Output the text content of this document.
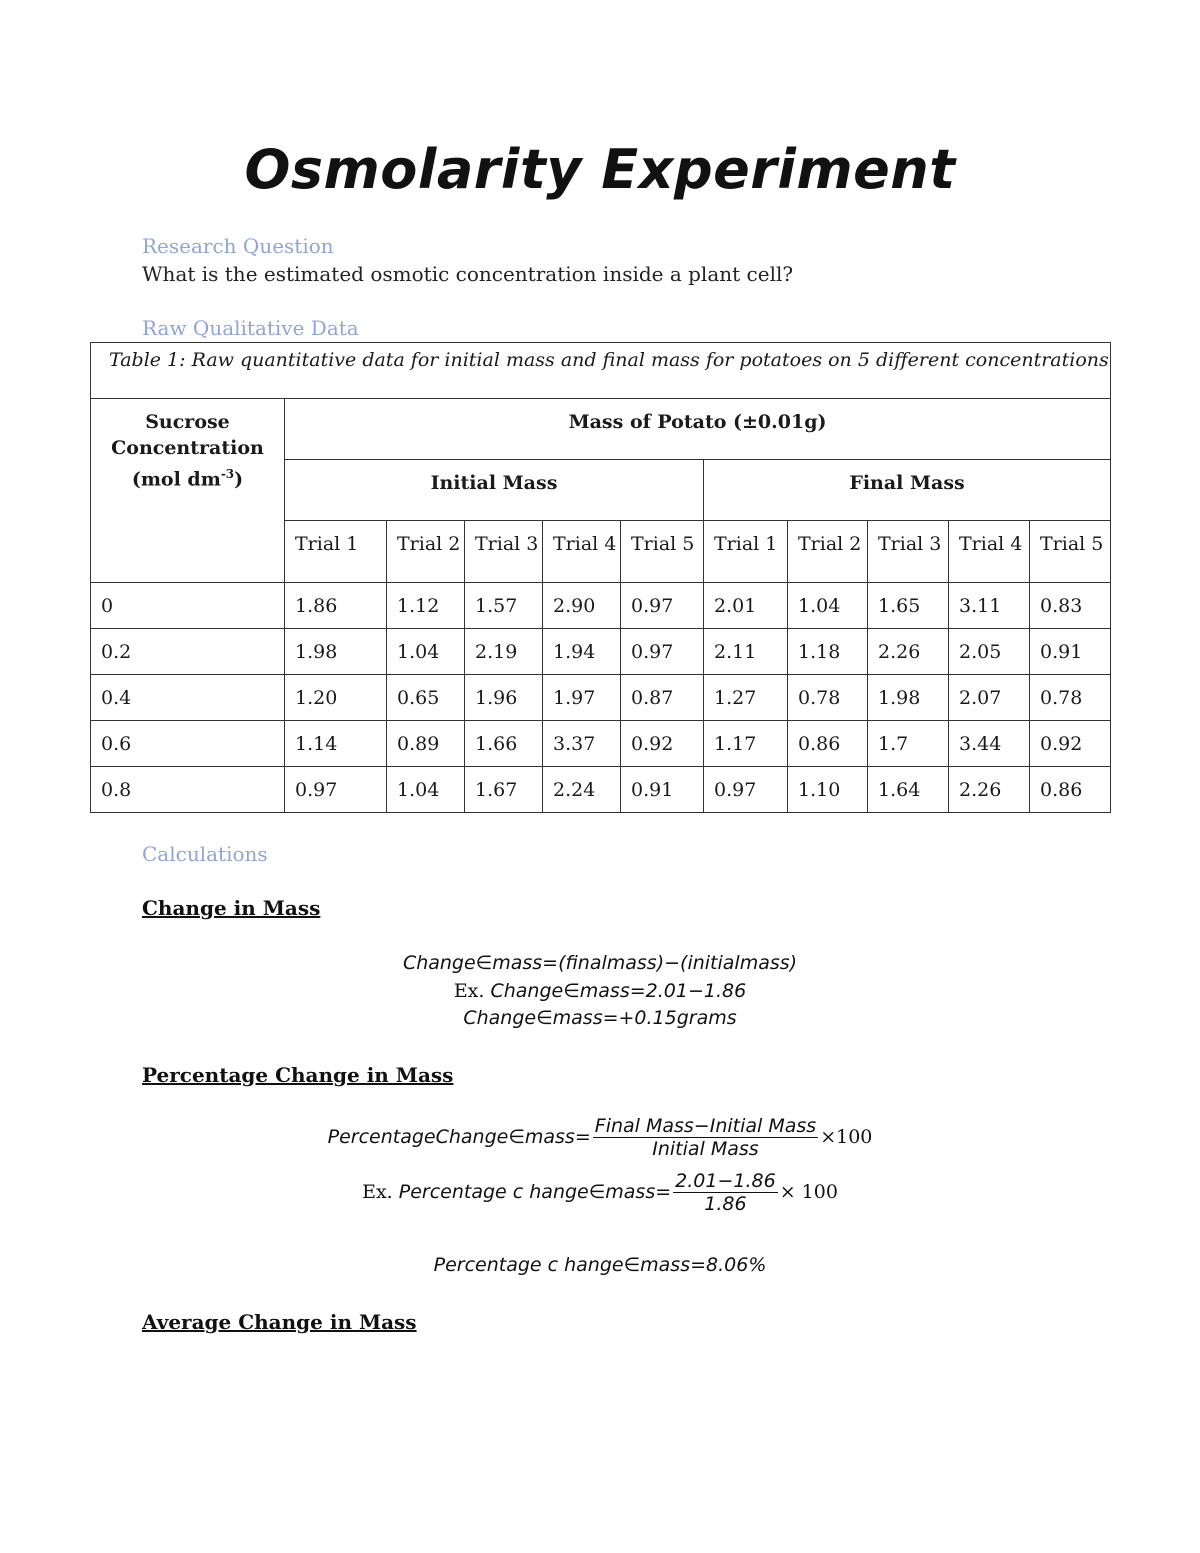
Osmolarity Experiment
Research Question
What is the estimated osmotic concentration inside a plant cell?
Raw Qualitative Data
Table 1: Raw quantitative data for initial mass and final mass for potatoes on 5 different concentrations										
Sucrose
Concentration
(mol $dm^{-3}$)	Mass of Potato (±0.01g)									
	Initial Mass					Final Mass				
	Trial 1	Trial 2	Trial 3	Trial 4	Trial 5	Trial 1	Trial 2	Trial 3	Trial 4	Trial 5
0	1.86	1.12	1.57	2.90	0.97	2.01	1.04	1.65	3.11	0.83
0.2	1.98	1.04	2.19	1.94	0.97	2.11	1.18	2.26	2.05	0.91
0.4	1.20	0.65	1.96	1.97	0.87	1.27	0.78	1.98	2.07	0.78
0.6	1.14	0.89	1.66	3.37	0.92	1.17	0.86	1.7	3.44	0.92
0.8	0.97	1.04	1.67	2.24	0.91	0.97	1.10	1.64	2.26	0.86
Calculations
Change in Mass
Change∈mass=(finalmass)−(initialmass)
Ex. Change∈mass=2.01−1.86
Change∈mass=+0.15grams
Percentage Change in Mass
PercentageChange∈mass= $\frac{\text{Final Mass−Initial Mass}}{\text{Initial Mass}} \times 100$
Ex. Percentage c hange∈mass= $\frac{2.01-1.86}{1.86} \times 100$
Percentage c hange∈mass=8.06%
Average Change in Mass
